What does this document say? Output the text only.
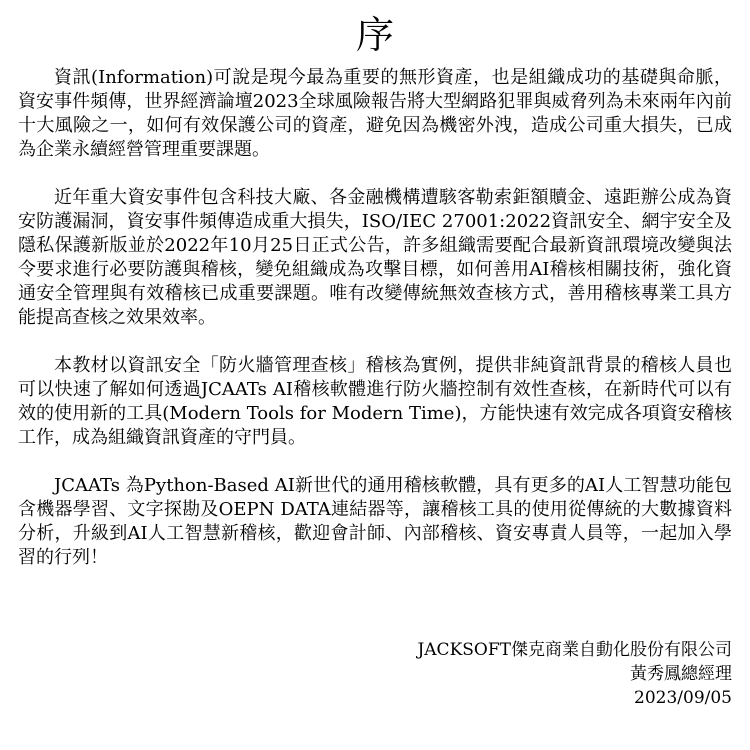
序

資訊(Information)可說是現今最為重要的無形資產，也是組織成功的基礎與命脈，資安事件頻傳，世界經濟論壇2023全球風險報告將大型網路犯罪與威脅列為未來兩年內前十大風險之一，如何有效保護公司的資產，避免因為機密外洩，造成公司重大損失，已成為企業永續經營管理重要課題。

近年重大資安事件包含科技大廠、各金融機構遭駭客勒索鉅額贖金、遠距辦公成為資安防護漏洞，資安事件頻傳造成重大損失，ISO/IEC 27001:2022資訊安全、網宇安全及隱私保護新版並於2022年10月25日正式公告，許多組織需要配合最新資訊環境改變與法令要求進行必要防護與稽核，變免組織成為攻擊目標，如何善用AI稽核相關技術，強化資通安全管理與有效稽核已成重要課題。唯有改變傳統無效查核方式，善用稽核專業工具方能提高查核之效果效率。

本教材以資訊安全「防火牆管理查核」稽核為實例，提供非純資訊背景的稽核人員也可以快速了解如何透過JCAATs AI稽核軟體進行防火牆控制有效性查核，在新時代可以有效的使用新的工具(Modern Tools for Modern Time)，方能快速有效完成各項資安稽核工作，成為組織資訊資產的守門員。

JCAATs 為Python-Based AI新世代的通用稽核軟體，具有更多的AI人工智慧功能包含機器學習、文字探勘及OEPN DATA連結器等，讓稽核工具的使用從傳統的大數據資料分析，升級到AI人工智慧新稽核，歡迎會計師、內部稽核、資安專責人員等，一起加入學習的行列！

JACKSOFT傑克商業自動化股份有限公司
黃秀鳳總經理
2023/09/05
